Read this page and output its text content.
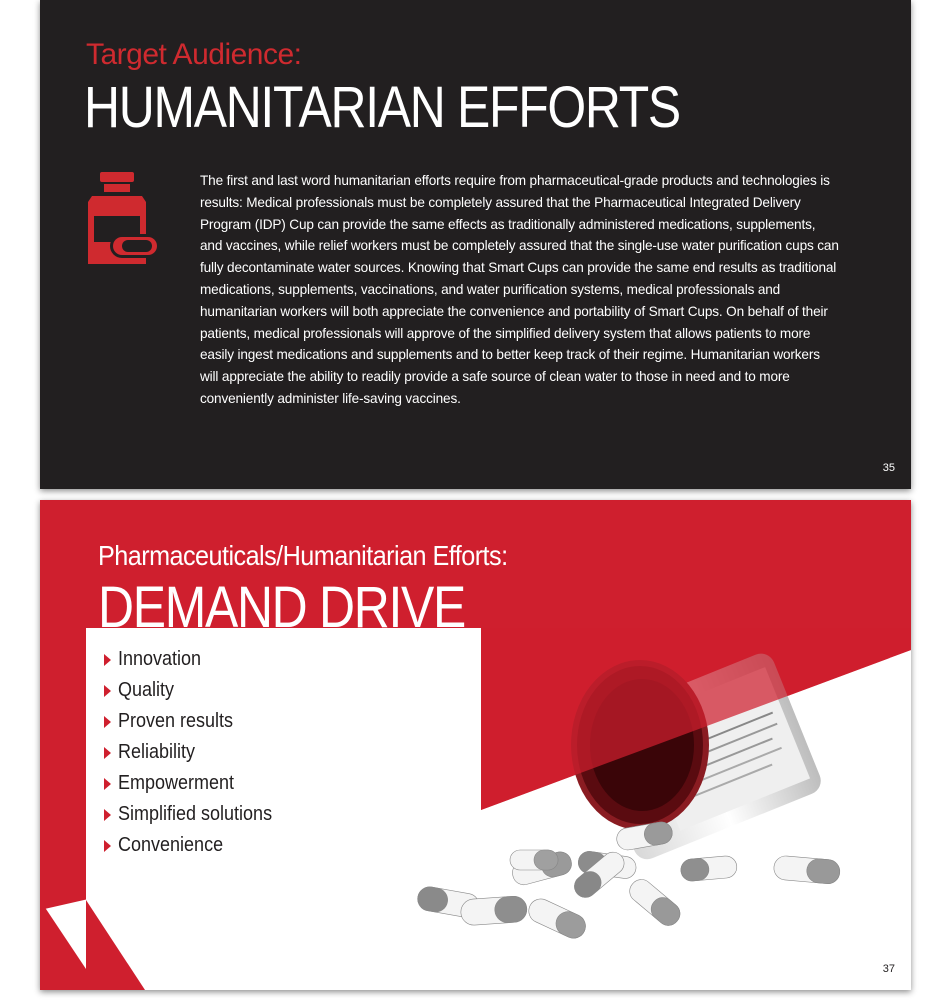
Target Audience:
HUMANITARIAN EFFORTS
The first and last word humanitarian efforts require from pharmaceutical-grade products and technologies is results: Medical professionals must be completely assured that the Pharmaceutical Integrated Delivery Program (IDP) Cup can provide the same effects as traditionally administered medications, supplements, and vaccines, while relief workers must be completely assured that the single-use water purification cups can fully decontaminate water sources. Knowing that Smart Cups can provide the same end results as traditional medications, supplements, vaccinations, and water purification systems, medical professionals and humanitarian workers will both appreciate the convenience and portability of Smart Cups. On behalf of their patients, medical professionals will approve of the simplified delivery system that allows patients to more easily ingest medications and supplements and to better keep track of their regime. Humanitarian workers will appreciate the ability to readily provide a safe source of clean water to those in need and to more conveniently administer life-saving vaccines.
35
Pharmaceuticals/Humanitarian Efforts:
DEMAND DRIVE
Innovation
Quality
Proven results
Reliability
Empowerment
Simplified solutions
Convenience
37
